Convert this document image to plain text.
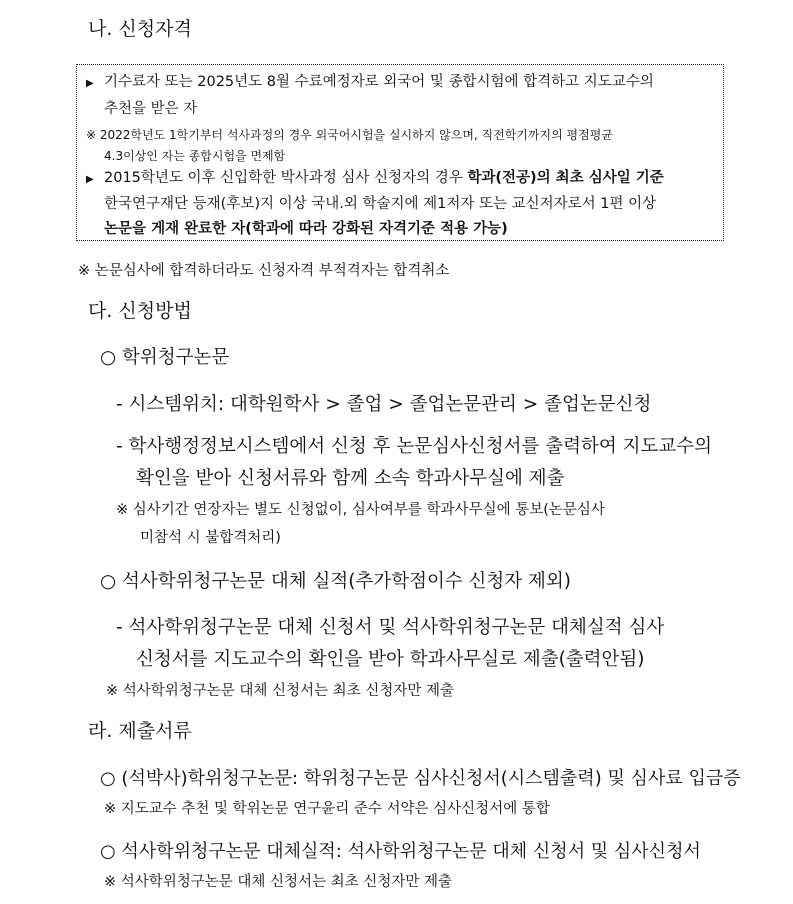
나. 신청자격
▶ 기수료자 또는 2025년도 8월 수료예정자로 외국어 및 종합시험에 합격하고 지도교수의
추천을 받은 자
※ 2022학년도 1학기부터 석사과정의 경우 외국어시험을 실시하지 않으며, 직전학기까지의 평점평균
4.3이상인 자는 종합시험을 면제함
▶ 2015학년도 이후 신입학한 박사과정 심사 신청자의 경우 학과(전공)의 최초 심사일 기준
한국연구재단 등재(후보)지 이상 국내.외 학술지에 제1저자 또는 교신저자로서 1편 이상
논문을 게재 완료한 자(학과에 따라 강화된 자격기준 적용 가능)
※ 논문심사에 합격하더라도 신청자격 부적격자는 합격취소
다. 신청방법
○ 학위청구논문
- 시스템위치: 대학원학사 > 졸업 > 졸업논문관리 > 졸업논문신청
- 학사행정정보시스템에서 신청 후 논문심사신청서를 출력하여 지도교수의
확인을 받아 신청서류와 함께 소속 학과사무실에 제출
※ 심사기간 연장자는 별도 신청없이, 심사여부를 학과사무실에 통보(논문심사
미참석 시 불합격처리)
○ 석사학위청구논문 대체 실적(추가학점이수 신청자 제외)
- 석사학위청구논문 대체 신청서 및 석사학위청구논문 대체실적 심사
신청서를 지도교수의 확인을 받아 학과사무실로 제출(출력안됨)
※ 석사학위청구논문 대체 신청서는 최초 신청자만 제출
라. 제출서류
○ (석박사)학위청구논문: 학위청구논문 심사신청서(시스템출력) 및 심사료 입금증
※ 지도교수 추천 및 학위논문 연구윤리 준수 서약은 심사신청서에 통합
○ 석사학위청구논문 대체실적: 석사학위청구논문 대체 신청서 및 심사신청서
※ 석사학위청구논문 대체 신청서는 최초 신청자만 제출
